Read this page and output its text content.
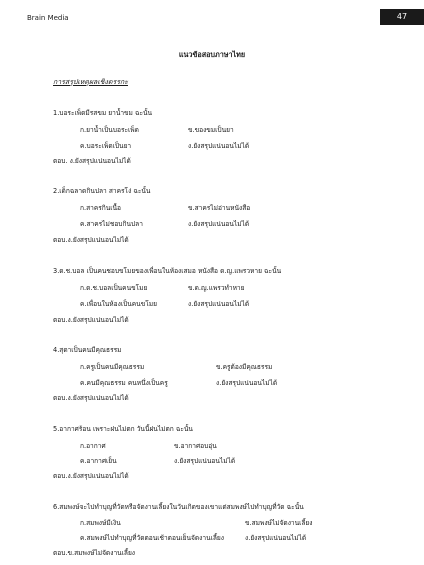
Brain Media	47
แนวข้อสอบภาษาไทย
การสรุปเหตุผลเชิงตรรกะ
1.บอระเพ็ดมีรสขม ยาน้ำขม ฉะนั้น
ก.ยาน้ำเป็นบอระเพ็ด	ข.ของขมเป็นยา
ค.บอระเพ็ดเป็นยา	ง.ยังสรุปแน่นอนไม่ได้
ตอบ. ง.ยังสรุปแน่นอนไม่ได้
2.เด็กฉลาดกินปลา สาครโง่ ฉะนั้น
ก.สาครกินเนื้อ	ข.สาครไม่อ่านหนังสือ
ค.สาครไม่ชอบกินปลา	ง.ยังสรุปแน่นอนไม่ได้
ตอบ.ง.ยังสรุปแน่นอนไม่ได้
3.ด.ช.บอล เป็นคนชอบขโมยของเพื่อนในห้องเสมอ หนังสือ ด.ญ.แพรวหาย ฉะนั้น
ก.ด.ช.บอลเป็นคนขโมย	ข.ด.ญ.แพรวทำหาย
ค.เพื่อนในห้องเป็นคนขโมย	ง.ยังสรุปแน่นอนไม่ได้
ตอบ.ง.ยังสรุปแน่นอนไม่ได้
4.สุดาเป็นคนมีคุณธรรม
ก.ครูเป็นคนมีคุณธรรม	ข.ครูต้องมีคุณธรรม
ค.คนมีคุณธรรม คนหนึ่งเป็นครู	ง.ยังสรุปแน่นอนไม่ได้
ตอบ.ง.ยังสรุปแน่นอนไม่ได้
5.อากาศร้อน เพราะฝนไม่ตก วันนี้ฝนไม่ตก ฉะนั้น
ก.อากาศ	ข.อากาศอบอุ่น
ค.อากาศเย็น	ง.ยังสรุปแน่นอนไม่ได้
ตอบ.ง.ยังสรุปแน่นอนไม่ได้
6.สมพงษ์จะไปทำบุญที่วัดหรือจัดงานเลี้ยงในวันเกิดของเขาแต่สมพงษ์ไปทำบุญที่วัด ฉะนั้น
ก.สมพงษ์มีเงิน	ข.สมพงษ์ไม่จัดงานเลี้ยง
ค.สมพงษ์ไปทำบุญที่วัดตอนเช้าตอนเย็นจัดงานเลี้ยง	ง.ยังสรุปแน่นอนไม่ได้
ตอบ.ข.สมพงษ์ไม่จัดงานเลี้ยง
